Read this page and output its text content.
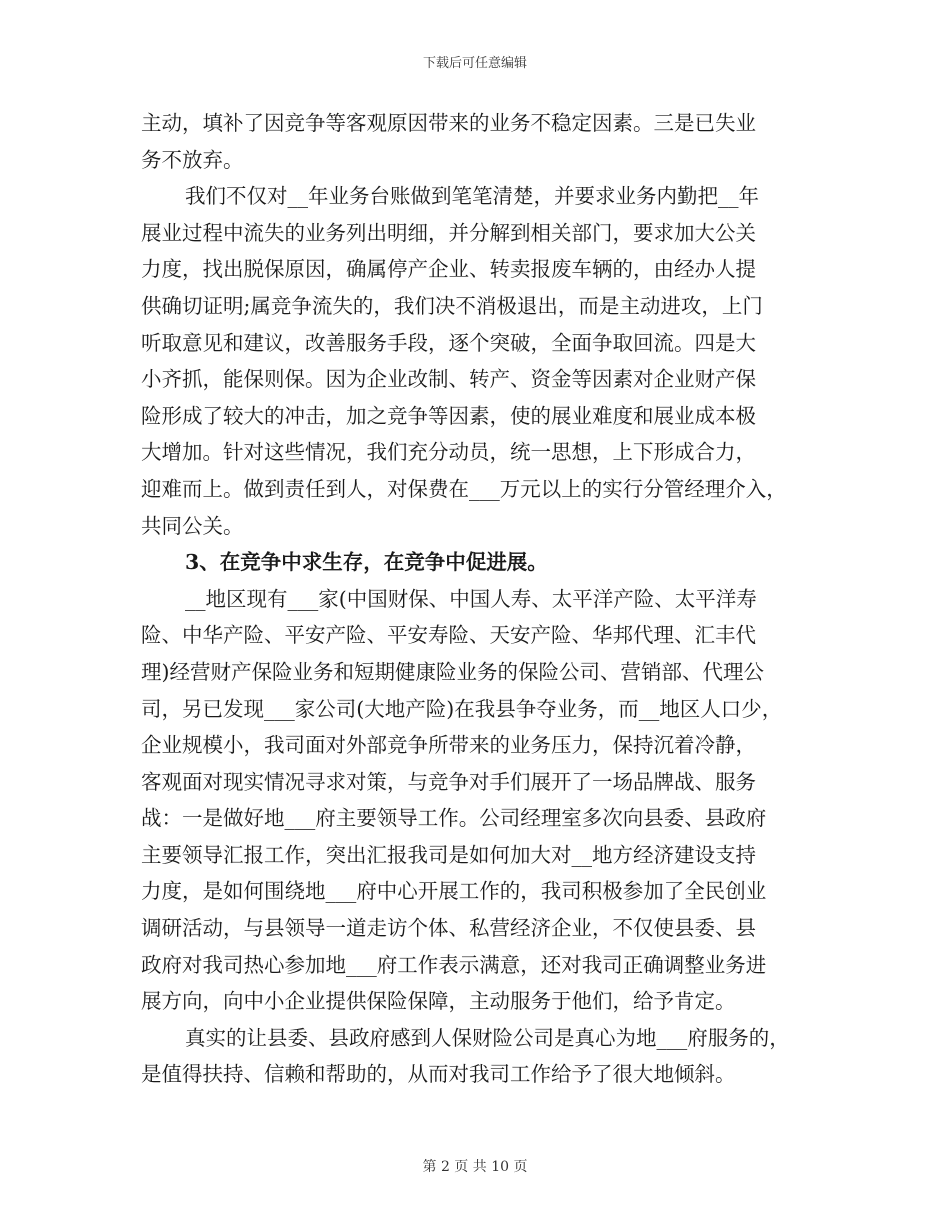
下载后可任意编辑
主动，填补了因竞争等客观原因带来的业务不稳定因素。三是已失业
务不放弃。
我们不仅对__年业务台账做到笔笔清楚，并要求业务内勤把__年
展业过程中流失的业务列出明细，并分解到相关部门，要求加大公关
力度，找出脱保原因，确属停产企业、转卖报废车辆的，由经办人提
供确切证明;属竞争流失的，我们决不消极退出，而是主动进攻，上门
听取意见和建议，改善服务手段，逐个突破，全面争取回流。四是大
小齐抓，能保则保。因为企业改制、转产、资金等因素对企业财产保
险形成了较大的冲击，加之竞争等因素，使的展业难度和展业成本极
大增加。针对这些情况，我们充分动员，统一思想，上下形成合力，
迎难而上。做到责任到人，对保费在___万元以上的实行分管经理介入，
共同公关。
3、在竞争中求生存，在竞争中促进展。
__地区现有___家(中国财保、中国人寿、太平洋产险、太平洋寿
险、中华产险、平安产险、平安寿险、天安产险、华邦代理、汇丰代
理)经营财产保险业务和短期健康险业务的保险公司、营销部、代理公
司，另已发现___家公司(大地产险)在我县争夺业务，而__地区人口少，
企业规模小，我司面对外部竞争所带来的业务压力，保持沉着冷静，
客观面对现实情况寻求对策，与竞争对手们展开了一场品牌战、服务
战：一是做好地___府主要领导工作。公司经理室多次向县委、县政府
主要领导汇报工作，突出汇报我司是如何加大对__地方经济建设支持
力度，是如何围绕地___府中心开展工作的，我司积极参加了全民创业
调研活动，与县领导一道走访个体、私营经济企业，不仅使县委、县
政府对我司热心参加地___府工作表示满意，还对我司正确调整业务进
展方向，向中小企业提供保险保障，主动服务于他们，给予肯定。
真实的让县委、县政府感到人保财险公司是真心为地___府服务的，
是值得扶持、信赖和帮助的，从而对我司工作给予了很大地倾斜。
第 2 页 共 10 页
